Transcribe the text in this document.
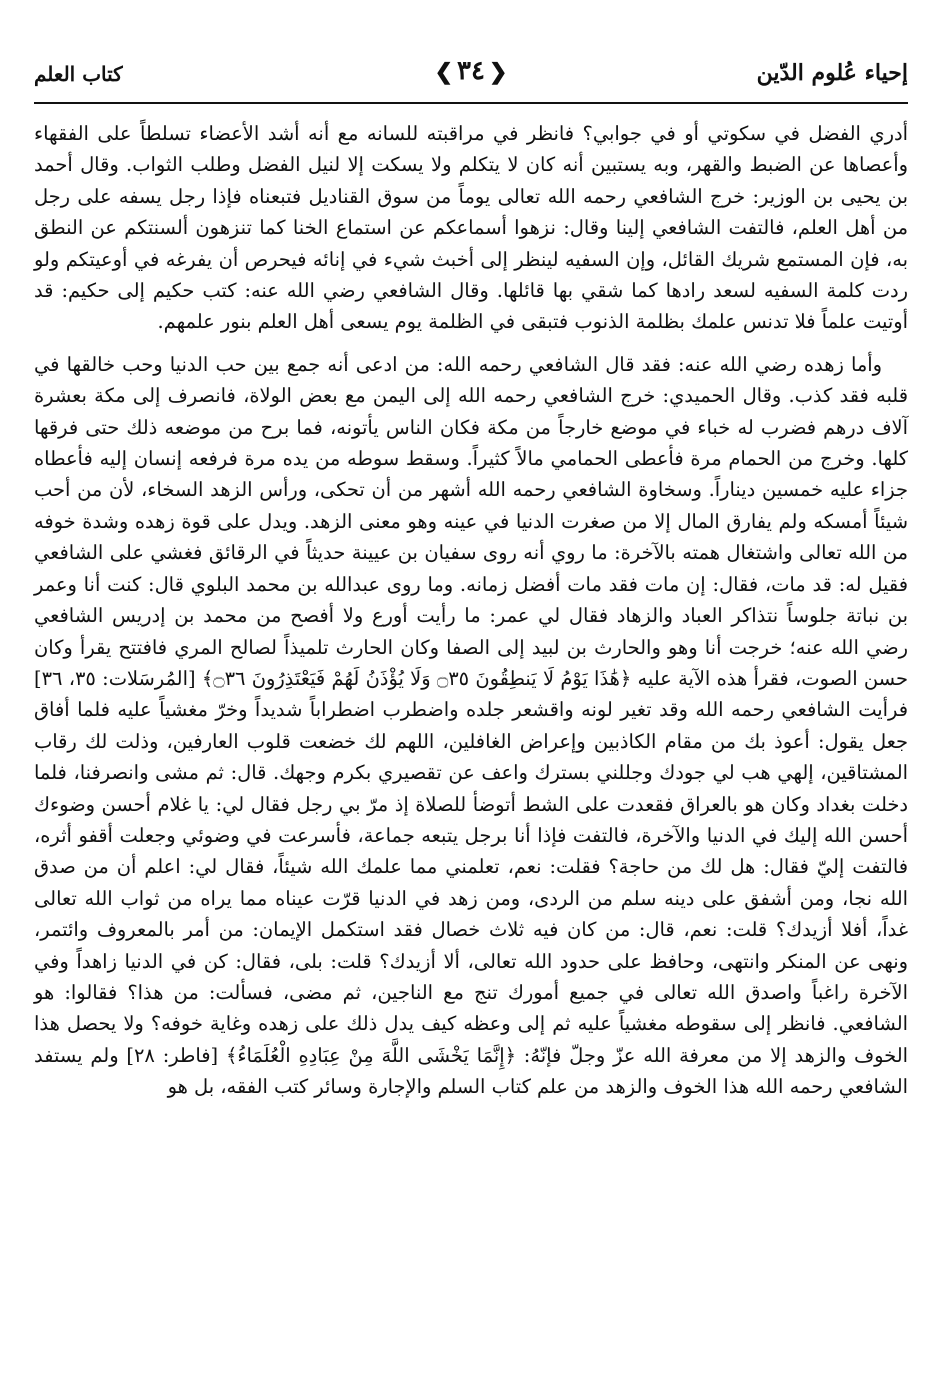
إحياء عُلوم الدّين
❮٣٤❯
كتاب العلم

أدري الفضل في سكوتي أو في جوابي؟ فانظر في مراقبته للسانه مع أنه أشد الأعضاء تسلطاً على الفقهاء وأعصاها عن الضبط والقهر، وبه يستبين أنه كان لا يتكلم ولا يسكت إلا لنيل الفضل وطلب الثواب. وقال أحمد بن يحيى بن الوزير: خرج الشافعي رحمه الله تعالى يوماً من سوق القناديل فتبعناه فإذا رجل يسفه على رجل من أهل العلم، فالتفت الشافعي إلينا وقال: نزهوا أسماعكم عن استماع الخنا كما تنزهون ألسنتكم عن النطق به، فإن المستمع شريك القائل، وإن السفيه لينظر إلى أخبث شيء في إنائه فيحرص أن يفرغه في أوعيتكم ولو ردت كلمة السفيه لسعد رادها كما شقي بها قائلها. وقال الشافعي رضي الله عنه: كتب حكيم إلى حكيم: قد أوتيت علماً فلا تدنس علمك بظلمة الذنوب فتبقى في الظلمة يوم يسعى أهل العلم بنور علمهم.

وأما زهده رضي الله عنه: فقد قال الشافعي رحمه الله: من ادعى أنه جمع بين حب الدنيا وحب خالقها في قلبه فقد كذب. وقال الحميدي: خرج الشافعي رحمه الله إلى اليمن مع بعض الولاة، فانصرف إلى مكة بعشرة آلاف درهم فضرب له خباء في موضع خارجاً من مكة فكان الناس يأتونه، فما برح من موضعه ذلك حتى فرقها كلها. وخرج من الحمام مرة فأعطى الحمامي مالاً كثيراً. وسقط سوطه من يده مرة فرفعه إنسان إليه فأعطاه جزاء عليه خمسين ديناراً. وسخاوة الشافعي رحمه الله أشهر من أن تحكى، ورأس الزهد السخاء، لأن من أحب شيئاً أمسكه ولم يفارق المال إلا من صغرت الدنيا في عينه وهو معنى الزهد. ويدل على قوة زهده وشدة خوفه من الله تعالى واشتغال همته بالآخرة: ما روي أنه روى سفيان بن عيينة حديثاً في الرقائق فغشي على الشافعي فقيل له: قد مات، فقال: إن مات فقد مات أفضل زمانه. وما روى عبدالله بن محمد البلوي قال: كنت أنا وعمر بن نباتة جلوساً نتذاكر العباد والزهاد فقال لي عمر: ما رأيت أورع ولا أفصح من محمد بن إدريس الشافعي رضي الله عنه؛ خرجت أنا وهو والحارث بن لبيد إلى الصفا وكان الحارث تلميذاً لصالح المري فافتتح يقرأ وكان حسن الصوت، فقرأ هذه الآية عليه ﴿هَٰذَا يَوْمُ لَا يَنطِقُونَ ۝٣٥ وَلَا يُؤْذَنُ لَهُمْ فَيَعْتَذِرُونَ ۝٣٦﴾ [المُرسَلات: ٣٥، ٣٦] فرأيت الشافعي رحمه الله وقد تغير لونه واقشعر جلده واضطرب اضطراباً شديداً وخرّ مغشياً عليه فلما أفاق جعل يقول: أعوذ بك من مقام الكاذبين وإعراض الغافلين، اللهم لك خضعت قلوب العارفين، وذلت لك رقاب المشتاقين، إلهي هب لي جودك وجللني بسترك واعف عن تقصيري بكرم وجهك. قال: ثم مشى وانصرفنا، فلما دخلت بغداد وكان هو بالعراق فقعدت على الشط أتوضأ للصلاة إذ مرّ بي رجل فقال لي: يا غلام أحسن وضوءك أحسن الله إليك في الدنيا والآخرة، فالتفت فإذا أنا برجل يتبعه جماعة، فأسرعت في وضوئي وجعلت أقفو أثره، فالتفت إليّ فقال: هل لك من حاجة؟ فقلت: نعم، تعلمني مما علمك الله شيئاً، فقال لي: اعلم أن من صدق الله نجا، ومن أشفق على دينه سلم من الردى، ومن زهد في الدنيا قرّت عيناه مما يراه من ثواب الله تعالى غداً، أفلا أزيدك؟ قلت: نعم، قال: من كان فيه ثلاث خصال فقد استكمل الإيمان: من أمر بالمعروف وائتمر، ونهى عن المنكر وانتهى، وحافظ على حدود الله تعالى، ألا أزيدك؟ قلت: بلى، فقال: كن في الدنيا زاهداً وفي الآخرة راغباً واصدق الله تعالى في جميع أمورك تنج مع الناجين، ثم مضى، فسألت: من هذا؟ فقالوا: هو الشافعي. فانظر إلى سقوطه مغشياً عليه ثم إلى وعظه كيف يدل ذلك على زهده وغاية خوفه؟ ولا يحصل هذا الخوف والزهد إلا من معرفة الله عزّ وجلّ فإنّهُ: ﴿إِنَّمَا يَخْشَى اللَّهَ مِنْ عِبَادِهِ الْعُلَمَاءُ﴾ [فاطر: ٢٨] ولم يستفد الشافعي رحمه الله هذا الخوف والزهد من علم كتاب السلم والإجارة وسائر كتب الفقه، بل هو
